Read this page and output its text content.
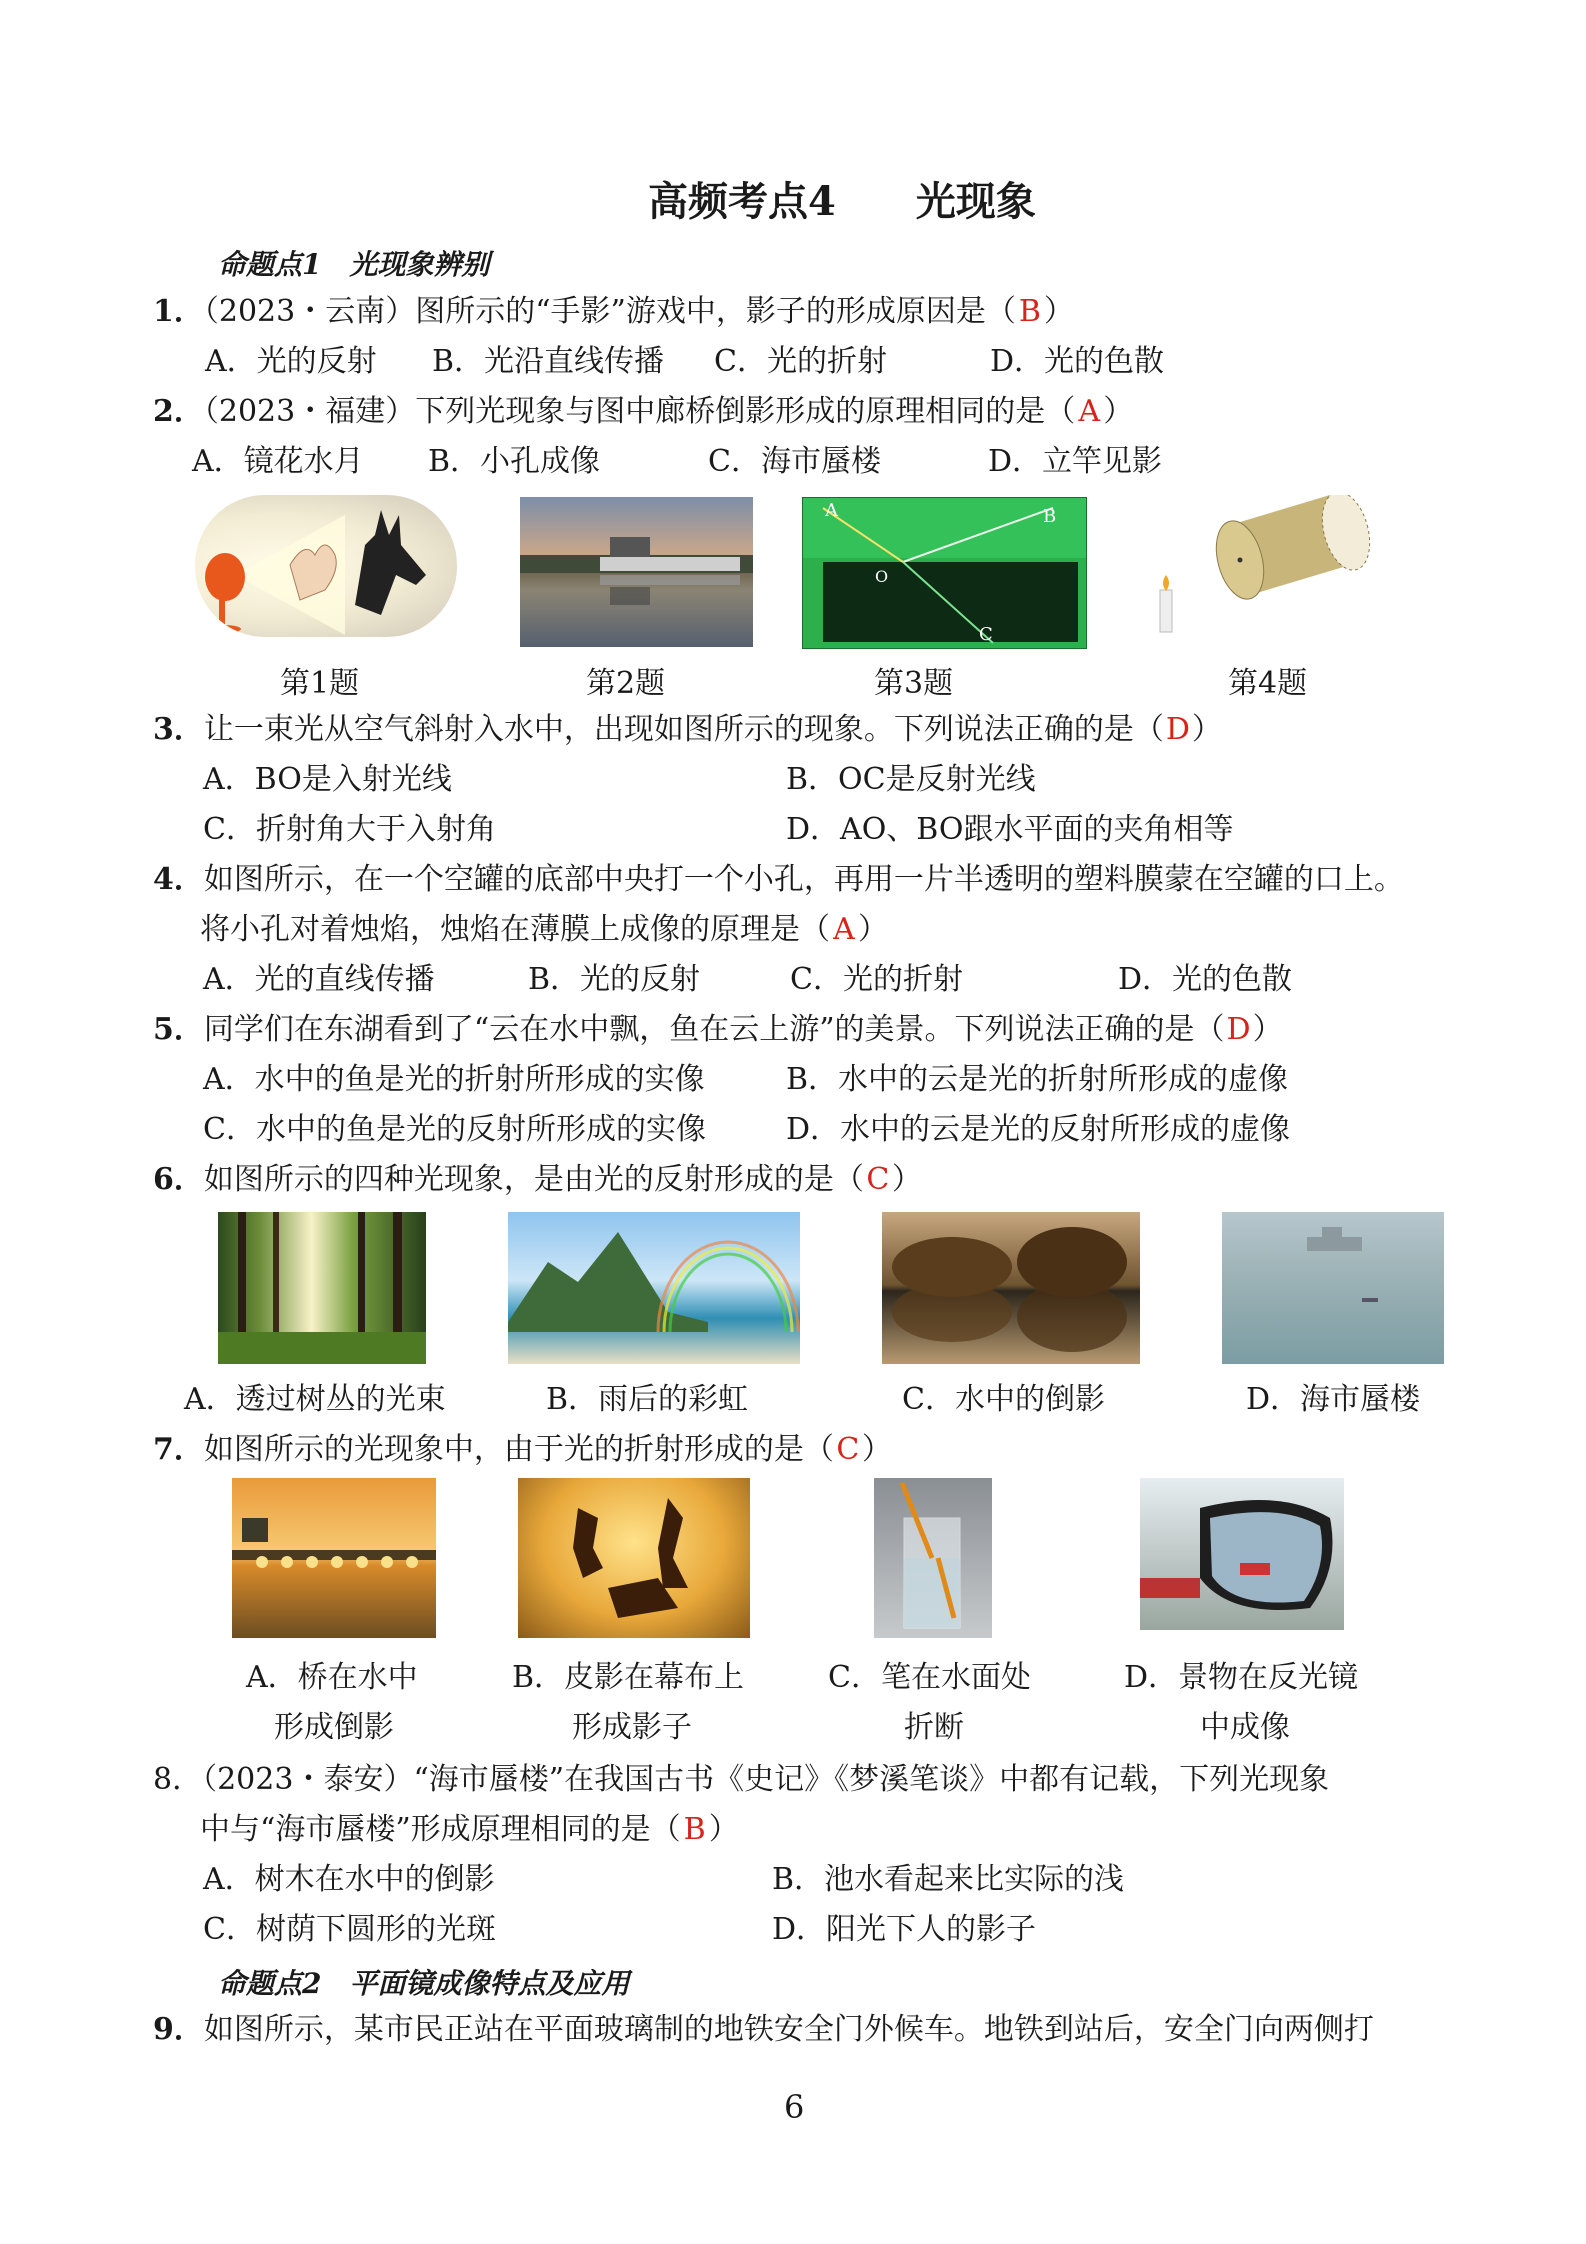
高频考点4　　光现象
命题点1　光现象辨别
1．（2023・云南）图所示的“手影”游戏中，影子的形成原因是（B）
A．光的反射 B．光沿直线传播 C．光的折射	D．光的色散
2．（2023・福建）下列光现象与图中廊桥倒影形成的原理相同的是（ A ）
A．镜花水月 B．小孔成像	C．海市蜃楼	D．立竿见影
A	B
O
C
第1题	第2题	第3题	第4题
3．让一束光从空气斜射入水中，出现如图所示的现象。下列说法正确的是（D）
A．BO是入射光线	B．OC是反射光线
C．折射角大于入射角	D．AO、BO跟水平面的夹角相等
4．如图所示，在一个空罐的底部中央打一个小孔，再用一片半透明的塑料膜蒙在空罐的口上。
将小孔对着烛焰，烛焰在薄膜上成像的原理是（ A ）
A．光的直线传播	B．光的反射	C．光的折射	D．光的色散
5．同学们在东湖看到了“云在水中飘，鱼在云上游”的美景。下列说法正确的是（D）
A．水中的鱼是光的折射所形成的实像	B．水中的云是光的折射所形成的虚像
C．水中的鱼是光的反射所形成的实像	D．水中的云是光的反射所形成的虚像
6．如图所示的四种光现象，是由光的反射形成的是（C）
A．透过树丛的光束	B．雨后的彩虹	C．水中的倒影	D．海市蜃楼
7．如图所示的光现象中，由于光的折射形成的是（C）
A．桥在水中	B．皮影在幕布上	C．笔在水面处	D．景物在反光镜
形成倒影	形成影子	折断	中成像
8．（2023・泰安）“海市蜃楼”在我国古书《史记》《梦溪笔谈》中都有记载，下列光现象
中与“海市蜃楼”形成原理相同的是（B）
A．树木在水中的倒影	B．池水看起来比实际的浅
C．树荫下圆形的光斑	D．阳光下人的影子
命题点2　平面镜成像特点及应用
9．如图所示，某市民正站在平面玻璃制的地铁安全门外候车。地铁到站后，安全门向两侧打
6
